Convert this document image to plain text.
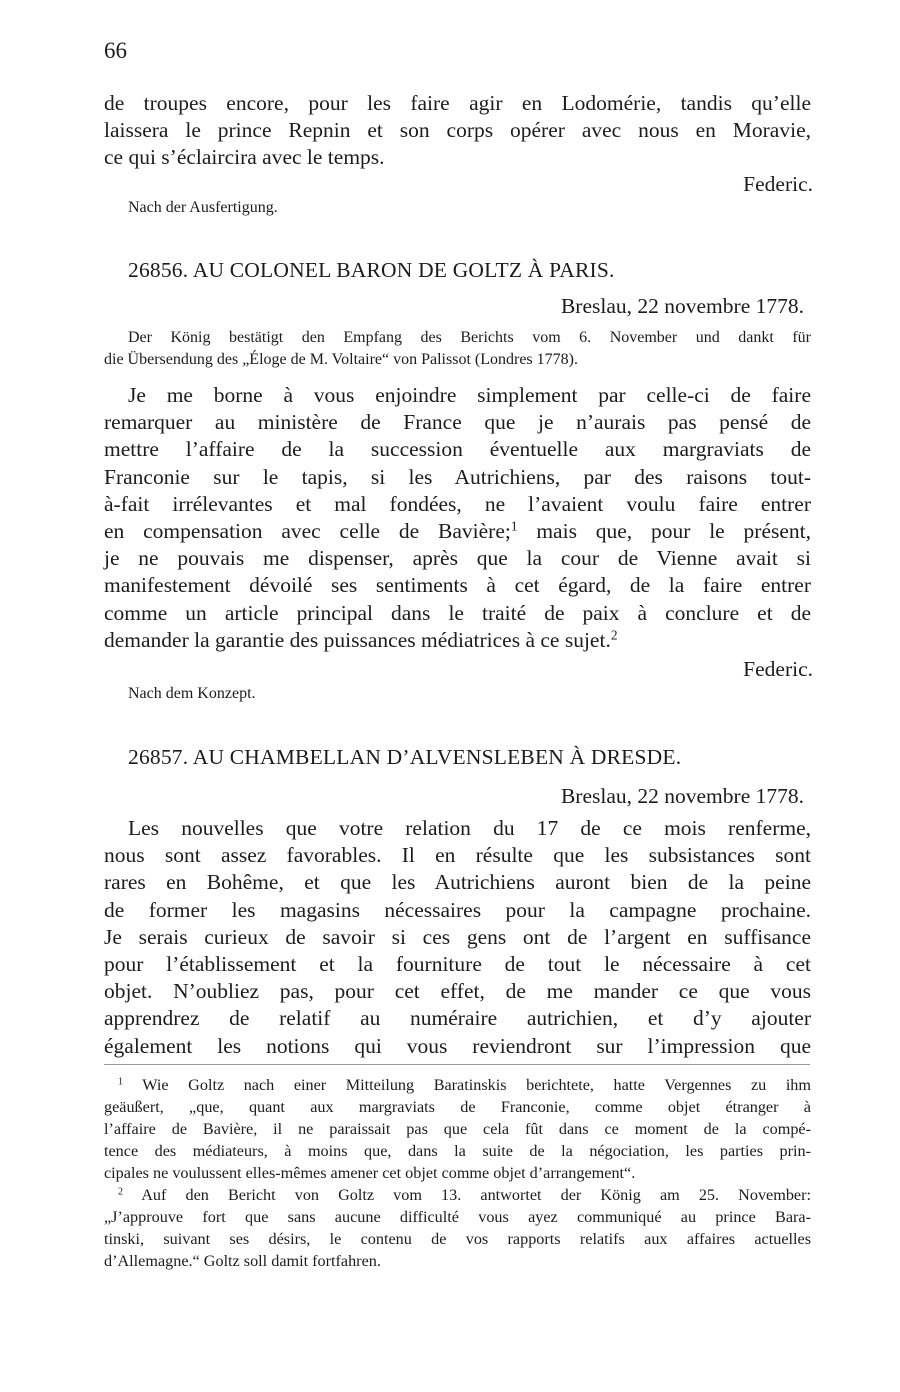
66
de troupes encore, pour les faire agir en Lodomérie, tandis qu’elle
laissera le prince Repnin et son corps opérer avec nous en Moravie,
ce qui s’éclaircira avec le temps.
Federic.
Nach der Ausfertigung.
26856. AU COLONEL BARON DE GOLTZ À PARIS.
Breslau, 22 novembre 1778.
Der König bestätigt den Empfang des Berichts vom 6. November und dankt für
die Übersendung des „Éloge de M. Voltaire“ von Palissot (Londres 1778).
Je me borne à vous enjoindre simplement par celle-ci de faire
remarquer au ministère de France que je n’aurais pas pensé de
mettre l’affaire de la succession éventuelle aux margraviats de
Franconie sur le tapis, si les Autrichiens, par des raisons tout-
à-fait irrélevantes et mal fondées, ne l’avaient voulu faire entrer
en compensation avec celle de Bavière;$^1$ mais que, pour le présent,
je ne pouvais me dispenser, après que la cour de Vienne avait si
manifestement dévoilé ses sentiments à cet égard, de la faire entrer
comme un article principal dans le traité de paix à conclure et de
demander la garantie des puissances médiatrices à ce sujet.$^2$
Federic.
Nach dem Konzept.
26857. AU CHAMBELLAN D’ALVENSLEBEN À DRESDE.
Breslau, 22 novembre 1778.
Les nouvelles que votre relation du 17 de ce mois renferme,
nous sont assez favorables. Il en résulte que les subsistances sont
rares en Bohême, et que les Autrichiens auront bien de la peine
de former les magasins nécessaires pour la campagne prochaine.
Je serais curieux de savoir si ces gens ont de l’argent en suffisance
pour l’établissement et la fourniture de tout le nécessaire à cet
objet. N’oubliez pas, pour cet effet, de me mander ce que vous
apprendrez de relatif au numéraire autrichien, et d’y ajouter
également les notions qui vous reviendront sur l’impression que
$^1$ Wie Goltz nach einer Mitteilung Baratinskis berichtete, hatte Vergennes zu ihm
geäußert, „que, quant aux margraviats de Franconie, comme objet étranger à
l’affaire de Bavière, il ne paraissait pas que cela fût dans ce moment de la compé-
tence des médiateurs, à moins que, dans la suite de la négociation, les parties prin-
cipales ne voulussent elles-mêmes amener cet objet comme objet d’arrangement“.
$^2$ Auf den Bericht von Goltz vom 13. antwortet der König am 25. November:
„J’approuve fort que sans aucune difficulté vous ayez communiqué au prince Bara-
tinski, suivant ses désirs, le contenu de vos rapports relatifs aux affaires actuelles
d’Allemagne.“ Goltz soll damit fortfahren.
